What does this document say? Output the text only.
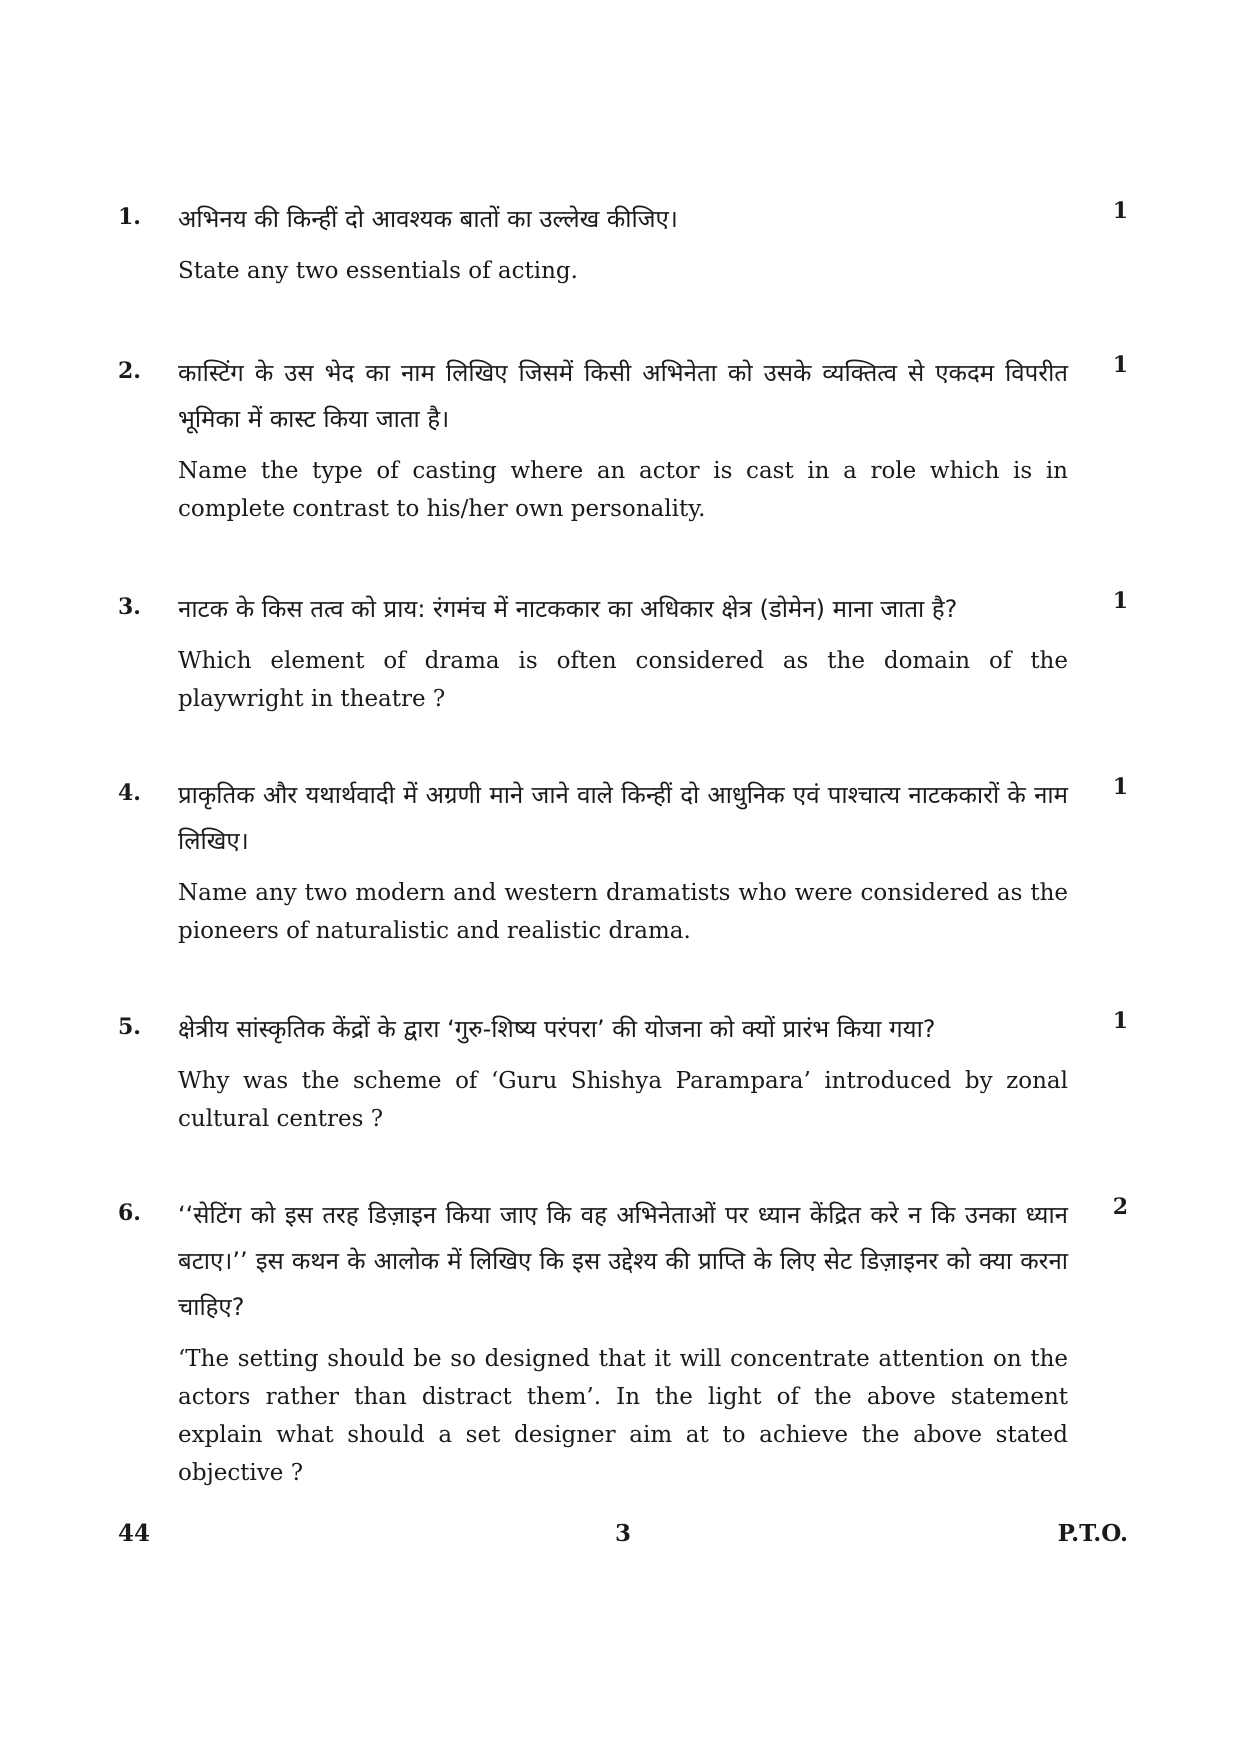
1.	1

अभिनय की किन्हीं दो आवश्यक बातों का उल्लेख कीजिए।

State any two essentials of acting.

2.	1

कास्टिंग के उस भेद का नाम लिखिए जिसमें किसी अभिनेता को उसके व्यक्तित्व से एकदम विपरीत भूमिका में कास्ट किया जाता है।

Name the type of casting where an actor is cast in a role which is in complete contrast to his/her own personality.

3.	1

नाटक के किस तत्व को प्राय: रंगमंच में नाटककार का अधिकार क्षेत्र (डोमेन) माना जाता है?

Which element of drama is often considered as the domain of the playwright in theatre ?

4.	1

प्राकृतिक और यथार्थवादी में अग्रणी माने जाने वाले किन्हीं दो आधुनिक एवं पाश्चात्य नाटककारों के नाम लिखिए।

Name any two modern and western dramatists who were considered as the pioneers of naturalistic and realistic drama.

5.	1

क्षेत्रीय सांस्कृतिक केंद्रों के द्वारा ‘गुरु-शिष्य परंपरा’ की योजना को क्यों प्रारंभ किया गया?

Why was the scheme of ‘Guru Shishya Parampara’ introduced by zonal cultural centres ?

6.	2

‘‘सेटिंग को इस तरह डिज़ाइन किया जाए कि वह अभिनेताओं पर ध्यान केंद्रित करे न कि उनका ध्यान बटाए।’’ इस कथन के आलोक में लिखिए कि इस उद्देश्य की प्राप्ति के लिए सेट डिज़ाइनर को क्या करना चाहिए?

‘The setting should be so designed that it will concentrate attention on the actors rather than distract them’. In the light of the above statement explain what should a set designer aim at to achieve the above stated objective ?

44	3	P.T.O.
